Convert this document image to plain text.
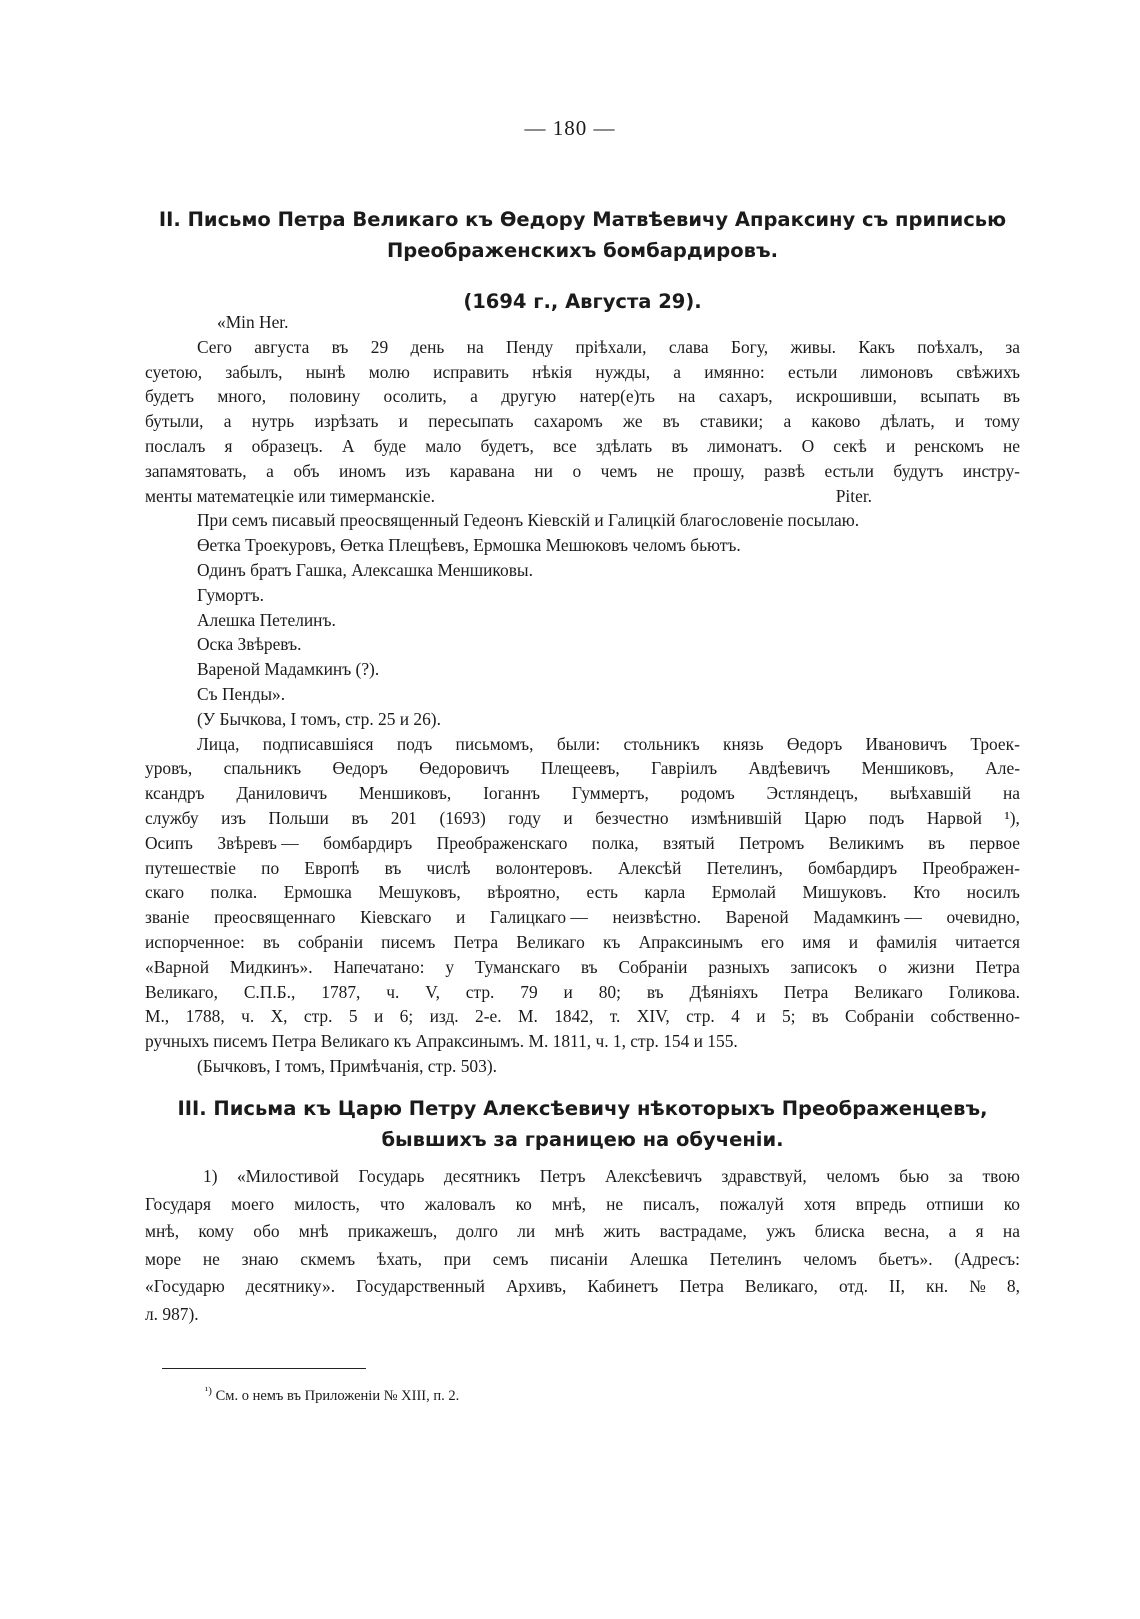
— 180 —
II. Письмо Петра Великаго къ Өедору Матвѣевичу Апраксину съ приписью
Преображенскихъ бомбардировъ.
(1694 г., Августа 29).
«Min Her.
Сего августа въ 29 день на Пенду пріѣхали, слава Богу, живы. Какъ поѣхалъ, за
суетою, забылъ, нынѣ молю исправить нѣкія нужды, а имянно: естьли лимоновъ свѣжихъ
будетъ много, половину осолить, а другую натер(е)ть на сахаръ, искрошивши, всыпать въ
бутыли, а нутрь изрѣзать и пересыпать сахаромъ же въ ставики; а каково дѣлать, и тому
послалъ я образецъ. А буде мало будетъ, все здѣлать въ лимонатъ. О секѣ и ренскомъ не
запамятовать, а объ иномъ изъ каравана ни о чемъ не прошу, развѣ естьли будутъ инстру-
менты математецкіе или тимерманскіе.	Piter.
При семъ писавый преосвященный Гедеонъ Кіевскій и Галицкій благословеніе посылаю.
Өетка Троекуровъ, Өетка Плещѣевъ, Ермошка Мешюковъ челомъ бьютъ.
Одинъ братъ Гашка, Алексашка Меншиковы.
Гумортъ.
Алешка Петелинъ.
Оска Звѣревъ.
Вареной Мадамкинъ (?).
Съ Пенды».
(У Бычкова, I томъ, стр. 25 и 26).
Лица, подписавшіяся подъ письмомъ, были: стольникъ князь Өедоръ Ивановичъ Троек-
уровъ, спальникъ Өедоръ Өедоровичъ Плещеевъ, Гавріилъ Авдѣевичъ Меншиковъ, Але-
ксандръ Даниловичъ Меншиковъ, Іоганнъ Гуммертъ, родомъ Эстляндецъ, выѣхавшій на
службу изъ Польши въ 201 (1693) году и безчестно измѣнившій Царю подъ Нарвой ¹),
Осипъ Звѣревъ — бомбардиръ Преображенскаго полка, взятый Петромъ Великимъ въ первое
путешествіе по Европѣ въ числѣ волонтеровъ. Алексѣй Петелинъ, бомбардиръ Преображен-
скаго полка. Ермошка Мешуковъ, вѣроятно, есть карла Ермолай Мишуковъ. Кто носилъ
званіе преосвященнаго Кіевскаго и Галицкаго — неизвѣстно. Вареной Мадамкинъ — очевидно,
испорченное: въ собраніи писемъ Петра Великаго къ Апраксинымъ его имя и фамилія читается
«Варной Мидкинъ». Напечатано: у Туманскаго въ Собраніи разныхъ записокъ о жизни Петра
Великаго, С.П.Б., 1787, ч. V, стр. 79 и 80; въ Дѣяніяхъ Петра Великаго Голикова.
М., 1788, ч. X, стр. 5 и 6; изд. 2-е. М. 1842, т. XIV, стр. 4 и 5; въ Собраніи собственно-
ручныхъ писемъ Петра Великаго къ Апраксинымъ. М. 1811, ч. 1, стр. 154 и 155.
(Бычковъ, I томъ, Примѣчанія, стр. 503).
III. Письма къ Царю Петру Алексѣевичу нѣкоторыхъ Преображенцевъ,
бывшихъ за границею на обученіи.
1) «Милостивой Государь десятникъ Петръ Алексѣевичъ здравствуй, челомъ бью за твою
Государя моего милость, что жаловалъ ко мнѣ, не писалъ, пожалуй хотя впредь отпиши ко
мнѣ, кому обо мнѣ прикажешъ, долго ли мнѣ жить вастрадаме, ужъ блиска весна, а я на
море не знаю скмемъ ѣхать, при семъ писаніи Алешка Петелинъ челомъ бьетъ». (Адресъ:
«Государю десятнику». Государственный Архивъ, Кабинетъ Петра Великаго, отд. II, кн. № 8,
л. 987).
$^{^1)}$ См. о немъ въ Приложеніи № XIII, п. 2.
